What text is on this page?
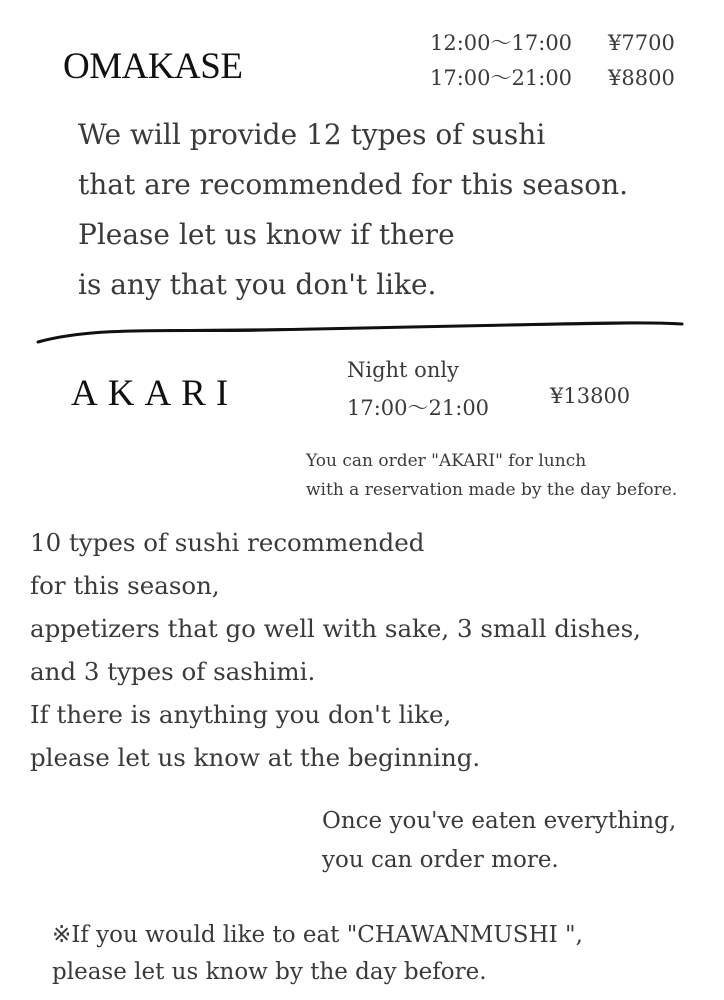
OMAKASE
12:00～17:00 ¥7700
17:00～21:00 ¥8800
We will provide 12 types of sushi
that are recommended for this season.
Please let us know if there
is any that you don't like.
AKARI
Night only
17:00～21:00	¥13800
You can order "AKARI" for lunch
with a reservation made by the day before.
10 types of sushi recommended
for this season,
appetizers that go well with sake, 3 small dishes,
and 3 types of sashimi.
If there is anything you don't like,
please let us know at the beginning.
Once you've eaten everything,
you can order more.
※If you would like to eat "CHAWANMUSHI ",
please let us know by the day before.
